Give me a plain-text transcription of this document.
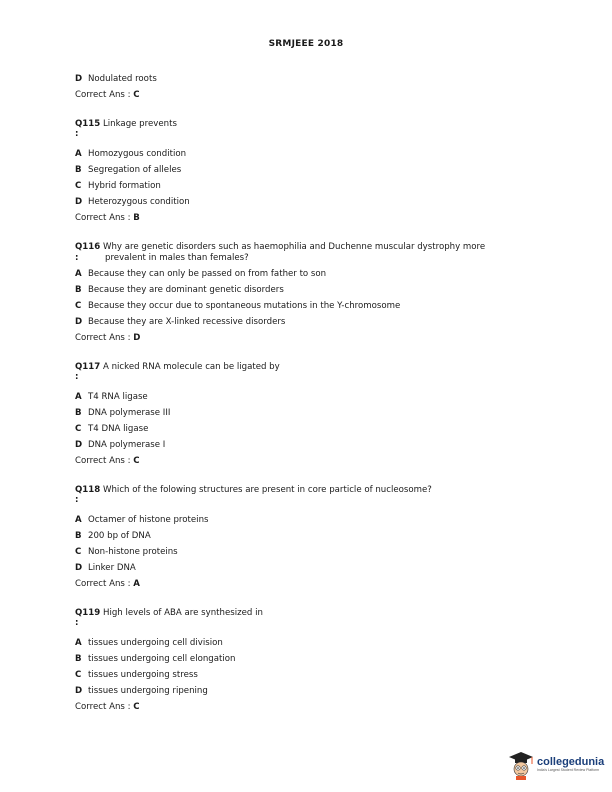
SRMJEEE 2018
D Nodulated roots
Correct Ans : C
Q115 Linkage prevents
:
A Homozygous condition
B Segregation of alleles
C Hybrid formation
D Heterozygous condition
Correct Ans : B
Q116 Why are genetic disorders such as haemophilia and Duchenne muscular dystrophy more
:	prevalent in males than females?
A Because they can only be passed on from father to son
B Because they are dominant genetic disorders
C Because they occur due to spontaneous mutations in the Y-chromosome
D Because they are X-linked recessive disorders
Correct Ans : D
Q117 A nicked RNA molecule can be ligated by
:
A T4 RNA ligase
B DNA polymerase III
C T4 DNA ligase
D DNA polymerase I
Correct Ans : C
Q118 Which of the folowing structures are present in core particle of nucleosome?
:
A Octamer of histone proteins
B 200 bp of DNA
C Non-histone proteins
D Linker DNA
Correct Ans : A
Q119 High levels of ABA are synthesized in
:
A tissues undergoing cell division
B tissues undergoing cell elongation
C tissues undergoing stress
D tissues undergoing ripening
Correct Ans : C
collegedunia
India's Largest Student Review Platform
